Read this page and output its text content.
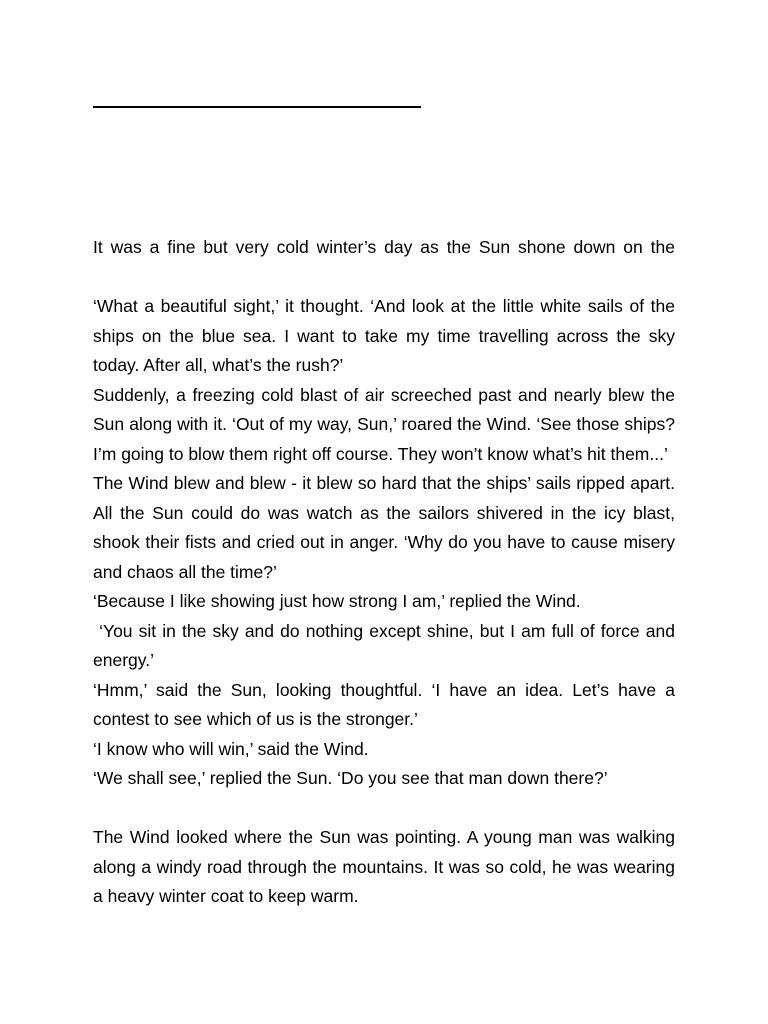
It was a fine but very cold winter’s day as the Sun shone down on the

‘What a beautiful sight,’ it thought. ‘And look at the little white sails of the ships on the blue sea. I want to take my time travelling across the sky today. After all, what’s the rush?’

Suddenly, a freezing cold blast of air screeched past and nearly blew the Sun along with it. ‘Out of my way, Sun,’ roared the Wind. ‘See those ships? I’m going to blow them right off course. They won’t know what’s hit them...’

The Wind blew and blew - it blew so hard that the ships’ sails ripped apart. All the Sun could do was watch as the sailors shivered in the icy blast, shook their fists and cried out in anger. ‘Why do you have to cause misery and chaos all the time?’

‘Because I like showing just how strong I am,’ replied the Wind.

‘You sit in the sky and do nothing except shine, but I am full of force and energy.’

‘Hmm,’ said the Sun, looking thoughtful. ‘I have an idea. Let’s have a contest to see which of us is the stronger.’

‘I know who will win,’ said the Wind.

‘We shall see,’ replied the Sun. ‘Do you see that man down there?’

The Wind looked where the Sun was pointing. A young man was walking along a windy road through the mountains. It was so cold, he was wearing a heavy winter coat to keep warm.
